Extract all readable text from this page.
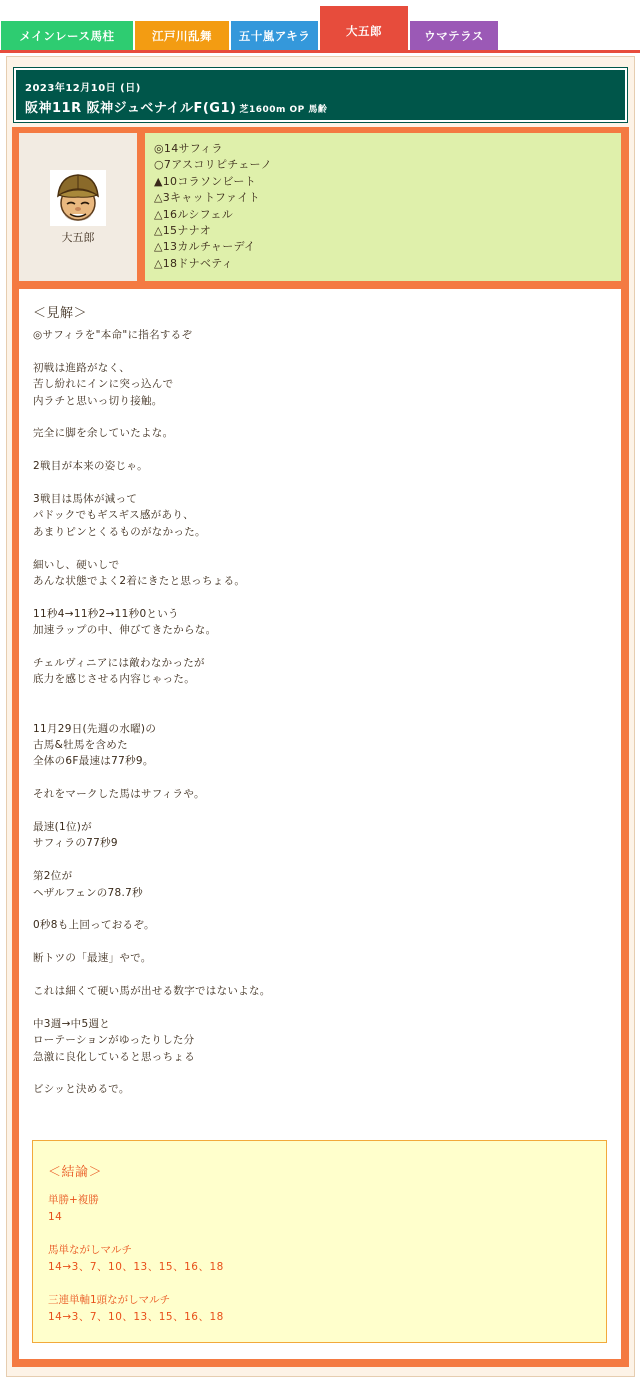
メインレース馬柱	江戸川乱舞	五十嵐アキラ	大五郎	ウマテラス
2023年12月10日 (日)
阪神11R 阪神ジュベナイルF(G1) 芝1600m OP 馬齢
大五郎
◎14サフィラ
○7アスコリピチェーノ
▲10コラソンビート
△3キャットファイト
△16ルシフェル
△15ナナオ
△13カルチャーデイ
△18ドナベティ
＜見解＞
◎サフィラを"本命"に指名するぞ
初戦は進路がなく、
苦し紛れにインに突っ込んで
内ラチと思いっ切り接触。
完全に脚を余していたよな。
2戦目が本来の姿じゃ。
3戦目は馬体が減って
パドックでもギスギス感があり、
あまりピンとくるものがなかった。
細いし、硬いしで
あんな状態でよく2着にきたと思っちょる。
11秒4→11秒2→11秒0という
加速ラップの中、伸びてきたからな。
チェルヴィニアには敵わなかったが
底力を感じさせる内容じゃった。
11月29日(先週の水曜)の
古馬&牡馬を含めた
全体の6F最速は77秒9。
それをマークした馬はサフィラや。
最速(1位)が
サフィラの77秒9
第2位が
ヘザルフェンの78.7秒
0秒8も上回っておるぞ。
断トツの「最速」やで。
これは細くて硬い馬が出せる数字ではないよな。
中3週→中5週と
ローテーションがゆったりした分
急激に良化していると思っちょる
ビシッと決めるで。
＜結論＞
単勝+複勝
14
馬単ながしマルチ
14→3、7、10、13、15、16、18
三連単軸1頭ながしマルチ
14→3、7、10、13、15、16、18
